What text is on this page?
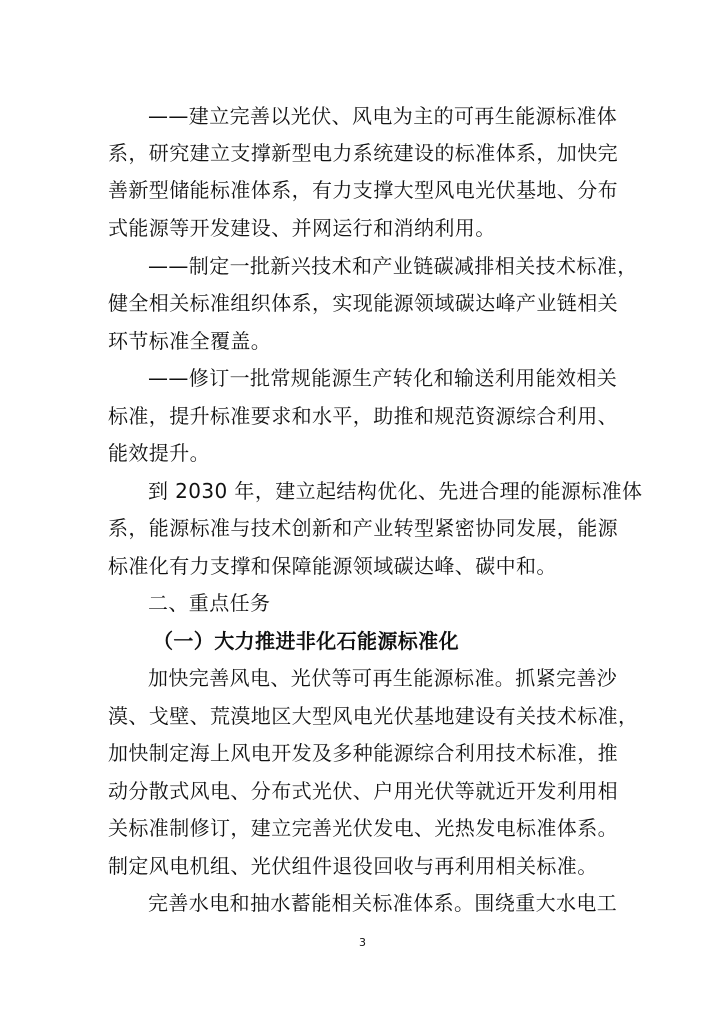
——建立完善以光伏、风电为主的可再生能源标准体
系，研究建立支撑新型电力系统建设的标准体系，加快完
善新型储能标准体系，有力支撑大型风电光伏基地、分布
式能源等开发建设、并网运行和消纳利用。
——制定一批新兴技术和产业链碳减排相关技术标准，
健全相关标准组织体系，实现能源领域碳达峰产业链相关
环节标准全覆盖。
——修订一批常规能源生产转化和输送利用能效相关
标准，提升标准要求和水平，助推和规范资源综合利用、
能效提升。
到 2030 年，建立起结构优化、先进合理的能源标准体
系，能源标准与技术创新和产业转型紧密协同发展，能源
标准化有力支撑和保障能源领域碳达峰、碳中和。
二、重点任务
（一）大力推进非化石能源标准化
加快完善风电、光伏等可再生能源标准。抓紧完善沙
漠、戈壁、荒漠地区大型风电光伏基地建设有关技术标准，
加快制定海上风电开发及多种能源综合利用技术标准，推
动分散式风电、分布式光伏、户用光伏等就近开发利用相
关标准制修订，建立完善光伏发电、光热发电标准体系。
制定风电机组、光伏组件退役回收与再利用相关标准。
完善水电和抽水蓄能相关标准体系。围绕重大水电工
3
